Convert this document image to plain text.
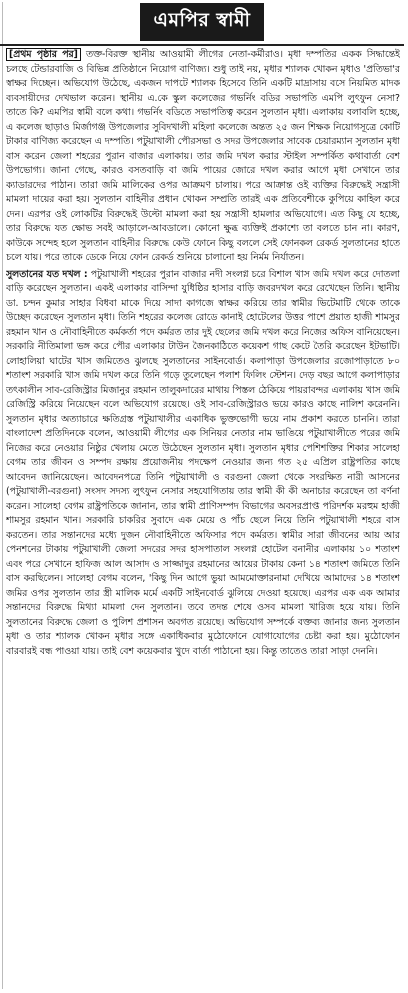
এমপির স্বামী

[প্রথম পৃষ্ঠার পর] তক্ত-বিরক্ত স্থানীয় আওয়ামী লীগের নেতা-কর্মীরাও। মৃধা দম্পতির একক সিদ্ধান্তেই চলছে টেন্ডারবাজি ও বিভিন্ন প্রতিষ্ঠানে নিয়োগ বাণিজ্য। শুধু তাই নয়, মৃধার শ্যালক খোকন মৃধাও 'প্রতিভা'র স্বাক্ষর দিচ্ছেন। অভিযোগ উঠেছে, একজন দাপটে শ্যালক হিসেবে তিনি একটি মাদ্রাসায় বসে নিয়মিত মাদক ব্যবসায়ীদের দেখভাল করেন। স্থানীয় এ.কে স্কুল কলেজের গভর্নিং বডির সভাপতি এমপি লুৎফুন নেসা? তাতে কি? এমপির স্বামী বলে কথা। গভর্নিং বডিতে সভাপতিত্ব করেন সুলতান মৃধা। এলাকায় বলাবলি হচ্ছে, এ কলেজ ছাড়াও মির্জাগঞ্জ উপজেলার সুবিদখালী মহিলা কলেজে অন্তত ২৫ জন শিক্ষক নিয়োগসূত্রে কোটি টাকার বাণিজ্য করেছেন এ দম্পতি। পটুয়াখালী পৌরসভা ও সদর উপজেলার সাবেক চেয়ারম্যান সুলতান মৃধা বাস করেন জেলা শহরের পুরান বাজার এলাকায়। তার জমি দখল করার স্টাইল সম্পর্কিত কথাবার্তা বেশ উপভোগ্য। জানা গেছে, কারও বসতবাড়ি বা জমি পায়ের জোরে দখল করার আগে মৃধা সেখানে তার ক্যাডারদের পাঠান। তারা জমি মালিকের ওপর আক্রমণ চালায়। পরে আক্রান্ত ওই ব্যক্তির বিরুদ্ধেই সন্ত্রাসী মামলা দায়ের করা হয়। সুলতান বাহিনীর প্রধান খোকন সম্প্রতি তারই এক প্রতিবেশীকে কুপিয়ে কাহিল করে দেন। এরপর ওই লোকটির বিরুদ্ধেই উল্টো মামলা করা হয় সন্ত্রাসী হামলার অভিযোগে। এত কিছু যে হচ্ছে, তার বিরুদ্ধে যত ক্ষোভ সবই আড়ালে-আবডালে। কোনো ক্ষুব্ধ ব্যক্তিই প্রকাশ্যে তা বলতে চান না। কারণ, কাউকে সন্দেহ হলে সুলতান বাহিনীর বিরুদ্ধে কেউ ফোনে কিছু বললে সেই ফোনকল রেকর্ড সুলতানের হাতে চলে যায়। পরে তাকে ডেকে নিয়ে ফোন রেকর্ড শুনিয়ে চালানো হয় নির্মম নির্যাতন।

সুলতানের যত দখল : পটুয়াখালী শহরের পুরান বাজার নদী সংলগ্ন চরে বিশাল খাস জমি দখল করে দোতলা বাড়ি করেছেন সুলতান। একই এলাকার বাসিন্দা যুধিষ্ঠির হাসার বাড়ি জবরদখল করে রেখেছেন তিনি। স্থানীয় ডা. চন্দন কুমার সাহার বিধবা মাকে দিয়ে সাদা কাগজে স্বাক্ষর করিয়ে তার স্বামীর ভিটেমাটি থেকে তাকে উচ্ছেদ করেছেন সুলতান মৃধা। তিনি শহরের কলেজ রোডে কানাই হোটেলের উত্তর পাশে প্রয়াত হাজী শামসুর রহমান খান ও নৌবাহিনীতে কর্মকর্তা পদে কর্মরত তার দুই ছেলের জমি দখল করে নিজের অফিস বানিয়েছেন। সরকারি নীতিমালা ভঙ্গ করে পৌর এলাকার টাউন জৈনকাঠিতে কয়েকশ গাছ কেটে তৈরি করেছেন ইটভাটি। লোহালিয়া ঘাটের খাস জমিতেও ঝুলছে সুলতানের সাইনবোর্ড। কলাপাড়া উপজেলার রজোপাড়াতে ৮০ শতাংশ সরকারি খাস জমি দখল করে তিনি গড়ে তুলেছেন পলাশ ফিলিং স্টেশন। দেড় বছর আগে কলাপাড়ার তৎকালীন সাব-রেজিস্ট্রার মিজানুর রহমান তালুকদারের মাথায় পিস্তল ঠেকিয়ে পায়রাবন্দর এলাকায় খাস জমি রেজিস্ট্রি করিয়ে নিয়েছেন বলে অভিযোগ রয়েছে। ওই সাব-রেজিস্ট্রারও ভয়ে কারও কাছে নালিশ করেননি। সুলতান মৃধার অত্যাচারে ক্ষতিগ্রস্ত পটুয়াখালীর একাধিক ভুক্তভোগী ভয়ে নাম প্রকাশ করতে চাননি। তারা বাংলাদেশ প্রতিদিনকে বলেন, আওয়ামী লীগের এক সিনিয়র নেতার নাম ভাঙিয়ে পটুয়াখালীতে পরের জমি নিজের করে নেওয়ার নিষ্ঠুর খেলায় মেতে উঠেছেন সুলতান মৃধা। সুলতান মৃধার পেশিশক্তির শিকার সালেহা বেগম তার জীবন ও সম্পদ রক্ষায় প্রয়োজনীয় পদক্ষেপ নেওয়ার জন্য গত ২৫ এপ্রিল রাষ্ট্রপতির কাছে আবেদন জানিয়েছেন। আবেদনপত্রে তিনি পটুয়াখালী ও বরগুনা জেলা থেকে সংরক্ষিত নারী আসনের (পটুয়াখালী-বরগুনা) সংসদ সদস্য লুৎফুন নেসার সহযোগিতায় তার স্বামী কী কী অনাচার করেছেন তা বর্ণনা করেন। সালেহা বেগম রাষ্ট্রপতিকে জানান, তার স্বামী প্রাণিসম্পদ বিভাগের অবসরপ্রাপ্ত পরিদর্শক মরহুম হাজী শামসুর রহমান খান। সরকারি চাকরির সুবাদে এক মেয়ে ও পাঁচ ছেলে নিয়ে তিনি পটুয়াখালী শহরে বাস করতেন। তার সন্তানদের মধ্যে দুজন নৌবাহিনীতে অফিসার পদে কর্মরত। স্বামীর সারা জীবনের আয় আর পেনশনের টাকায় পটুয়াখালী জেলা সদরের সদর হাসপাতাল সংলগ্ন হোটেল বনানীর এলাকায় ১০ শতাংশ এবং পরে সেখানে হাফিজ আল আসাদ ও সাজ্জাদুর রহমানের আয়ের টাকায় কেনা ১৪ শতাংশ জমিতে তিনি বাস করছিলেন। সালেহা বেগম বলেন, 'কিছু দিন আগে ভুয়া আমমোক্তারনামা দেখিয়ে আমাদের ১৪ শতাংশ জমির ওপর সুলতান তার স্ত্রী মালিক মর্মে একটি সাইনবোর্ড ঝুলিয়ে দেওয়া হয়েছে। এরপর এক এক আমার সন্তানদের বিরুদ্ধে মিথ্যা মামলা দেন সুলতান। তবে তদন্ত শেষে ওসব মামলা খারিজ হয়ে যায়। তিনি সুলতানের বিরুদ্ধে জেলা ও পুলিশ প্রশাসন অবগত রয়েছে। অভিযোগ সম্পর্কে বক্তব্য জানার জন্য সুলতান মৃধা ও তার শ্যালক খোকন মৃধার সঙ্গে একাধিকবার মুঠোফোনে যোগাযোগের চেষ্টা করা হয়। মুঠোফোন বারবারই বন্ধ পাওয়া যায়। তাই বেশ কয়েকবার খুদে বার্তা পাঠানো হয়। কিন্তু তাতেও তারা সাড়া দেননি।
